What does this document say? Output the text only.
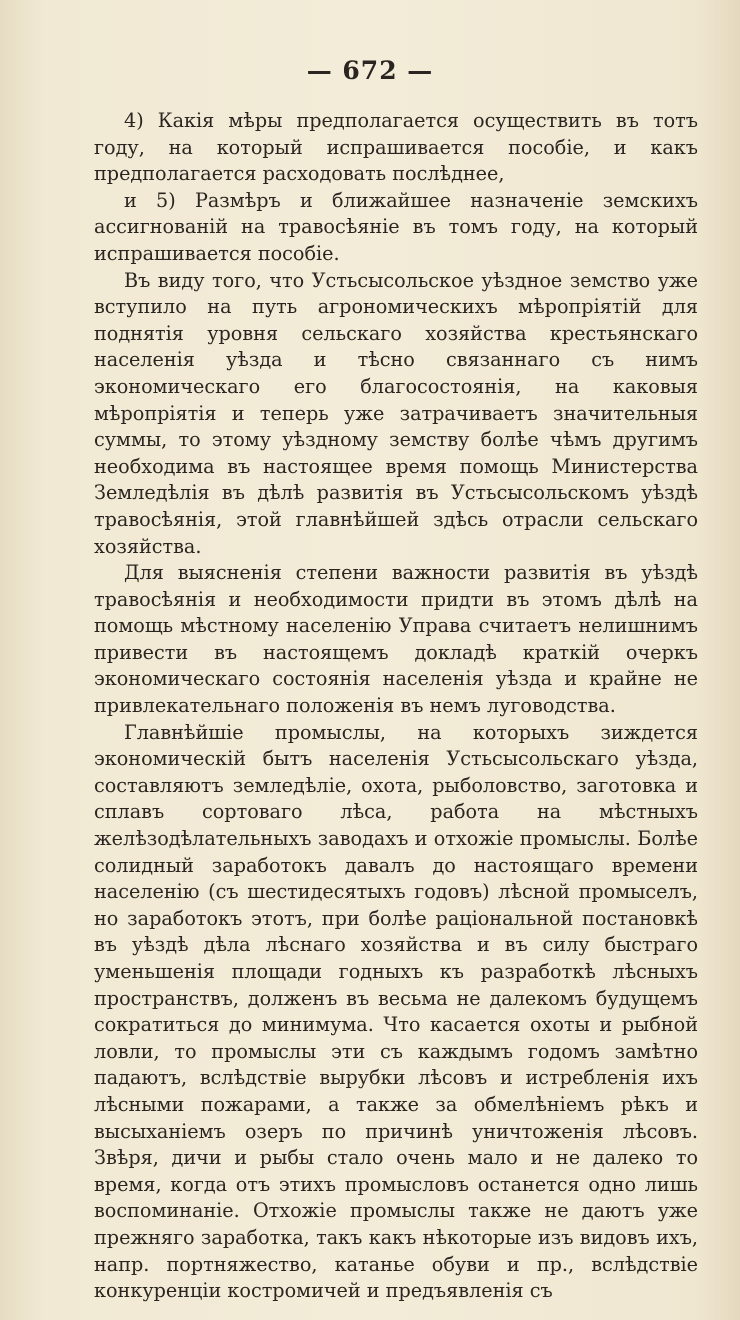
— 672 —

4) Какія мѣры предполагается осуществить въ тотъ году, на который испрашивается пособіе, и какъ предполагается расходовать послѣднее,

и 5) Размѣръ и ближайшее назначеніе земскихъ ассигнованій на травосѣяніе въ томъ году, на который испрашивается пособіе.

Въ виду того, что Устьсысольское уѣздное земство уже вступило на путь агрономическихъ мѣропріятій для поднятія уровня сельскаго хозяйства крестьянскаго населенія уѣзда и тѣсно связаннаго съ нимъ экономическаго его благосостоянія, на каковыя мѣропріятія и теперь уже затрачиваетъ значительныя суммы, то этому уѣздному земству болѣе чѣмъ другимъ необходима въ настоящее время помощь Министерства Земледѣлія въ дѣлѣ развитія въ Устьсысольскомъ уѣздѣ травосѣянія, этой главнѣйшей здѣсь отрасли сельскаго хозяйства.

Для выясненія степени важности развитія въ уѣздѣ травосѣянія и необходимости придти въ этомъ дѣлѣ на помощь мѣстному населенію Управа считаетъ нелишнимъ привести въ настоящемъ докладѣ краткій очеркъ экономическаго состоянія населенія уѣзда и крайне не привлекательнаго положенія въ немъ луговодства.

Главнѣйшіе промыслы, на которыхъ зиждется экономическій бытъ населенія Устьсысольскаго уѣзда, составляютъ земледѣліе, охота, рыболовство, заготовка и сплавъ сортоваго лѣса, работа на мѣстныхъ желѣзодѣлательныхъ заводахъ и отхожіе промыслы. Болѣе солидный заработокъ давалъ до настоящаго времени населенію (съ шестидесятыхъ годовъ) лѣсной промыселъ, но заработокъ этотъ, при болѣе раціональной постановкѣ въ уѣздѣ дѣла лѣснаго хозяйства и въ силу быстраго уменьшенія площади годныхъ къ разработкѣ лѣсныхъ пространствъ, долженъ въ весьма не далекомъ будущемъ сократиться до минимума. Что касается охоты и рыбной ловли, то промыслы эти съ каждымъ годомъ замѣтно падаютъ, вслѣдствіе вырубки лѣсовъ и истребленія ихъ лѣсными пожарами, а также за обмелѣніемъ рѣкъ и высыханіемъ озеръ по причинѣ уничтоженія лѣсовъ. Звѣря, дичи и рыбы стало очень мало и не далеко то время, когда отъ этихъ промысловъ останется одно лишь воспоминаніе. Отхожіе промыслы также не даютъ уже прежняго заработка, такъ какъ нѣкоторые изъ видовъ ихъ, напр. портняжество, катанье обуви и пр., вслѣдствіе конкуренціи костромичей и предъявленія съ
